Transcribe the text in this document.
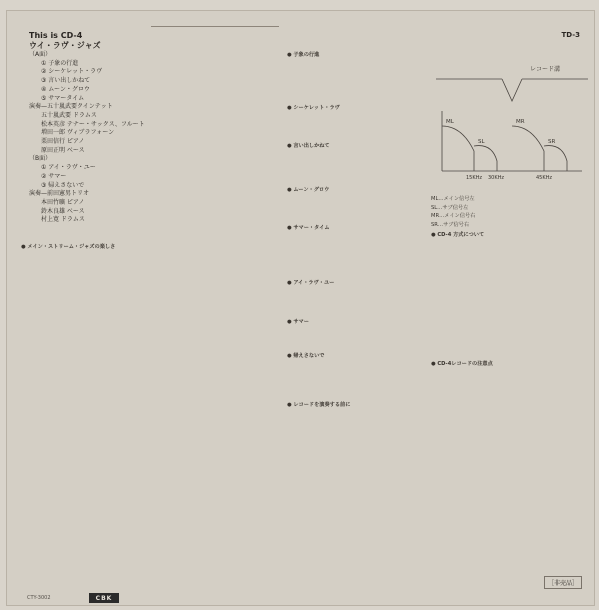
This is CD-4
ウイ・ラヴ・ジャズ
（A面）
① 子象の行進
② シーケレット・ラヴ
③ 言い出しかねて
④ ムーン・グロウ
⑤ サマータイム
演奏—五十嵐武要クインテット
五十嵐武要 ドラムス
松本英彦 テナー・サックス、フルート
増田一郎 ヴィブラフォーン
栗田信行 ピアノ
原田正明 ベース
（B面）
① アイ・ラヴ・ユー
② サマー
③ 帰えさないで
演奏—前田憲男トリオ
本田竹曠 ピアノ
鈴木良雄 ベース
村上寛 ドラムス
● メイン・ストリーム・ジャズの楽しさ
● 子象の行進
● シーケレット・ラヴ
● 言い出しかねて
● ムーン・グロウ
● サマー・タイム
● アイ・ラヴ・ユー
● サマー
● 帰えさないで
● レコードを演奏する前に
TD-3
レコード溝
ML
SL
MR
SR
15KHz 30KHz	45KHz
ML…メイン信号左
SL…サブ信号左
MR…メイン信号右
SR…サブ信号右
● CD-4 方式について
● CD-4レコードの注意点
［非売品］
CTY-3002	CBK
